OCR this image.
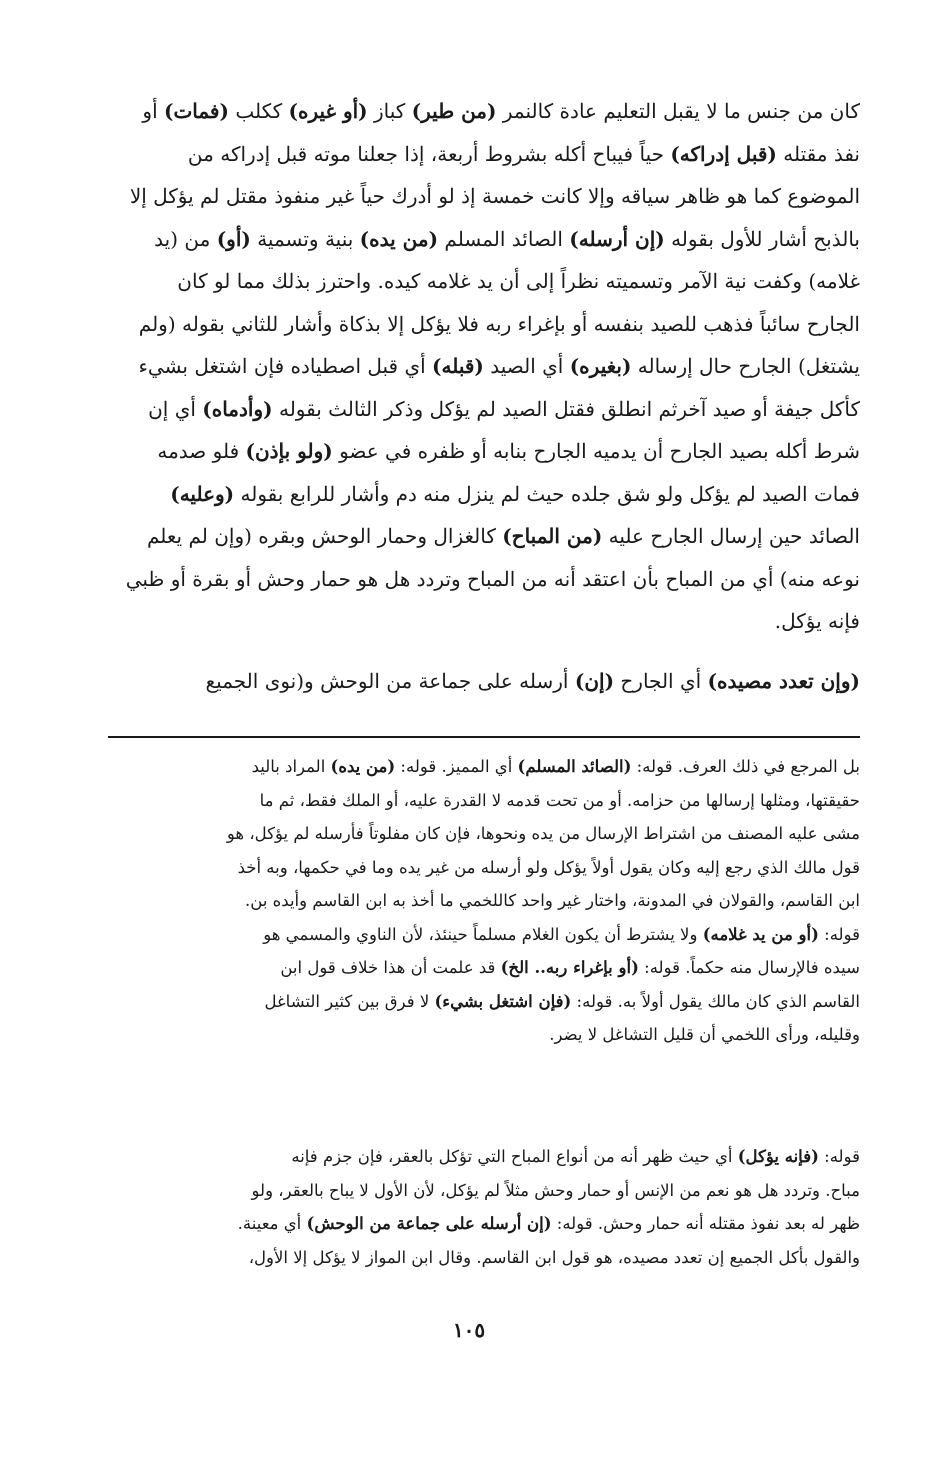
كان من جنس ما لا يقبل التعليم عادة كالنمر (من طير) كباز (أو غيره) ككلب (فمات) أو
نفذ مقتله (قبل إدراكه) حياً فيباح أكله بشروط أربعة، إذا جعلنا موته قبل إدراكه من
الموضوع كما هو ظاهر سياقه وإلا كانت خمسة إذ لو أدرك حياً غير منفوذ مقتل لم يؤكل إلا
بالذبح أشار للأول بقوله (إن أرسله) الصائد المسلم (من يده) بنية وتسمية (أو) من (يد
غلامه) وكفت نية الآمر وتسميته نظراً إلى أن يد غلامه كيده. واحترز بذلك مما لو كان
الجارح سائباً فذهب للصيد بنفسه أو بإغراء ربه فلا يؤكل إلا بذكاة وأشار للثاني بقوله (ولم
يشتغل) الجارح حال إرساله (بغيره) أي الصيد (قبله) أي قبل اصطياده فإن اشتغل بشيء
كأكل جيفة أو صيد آخرثم انطلق فقتل الصيد لم يؤكل وذكر الثالث بقوله (وأدماه) أي إن
شرط أكله بصيد الجارح أن يدميه الجارح بنابه أو ظفره في عضو (ولو بإذن) فلو صدمه
فمات الصيد لم يؤكل ولو شق جلده حيث لم ينزل منه دم وأشار للرابع بقوله (وعليه)
الصائد حين إرسال الجارح عليه (من المباح) كالغزال وحمار الوحش وبقره (وإن لم يعلم
نوعه منه) أي من المباح بأن اعتقد أنه من المباح وتردد هل هو حمار وحش أو بقرة أو ظبي
فإنه يؤكل.
(وإن تعدد مصيده) أي الجارح (إن) أرسله على جماعة من الوحش و(نوى الجميع
بل المرجع في ذلك العرف. قوله: (الصائد المسلم) أي المميز. قوله: (من يده) المراد باليد
حقيقتها، ومثلها إرسالها من حزامه. أو من تحت قدمه لا القدرة عليه، أو الملك فقط، ثم ما
مشى عليه المصنف من اشتراط الإرسال من يده ونحوها، فإن كان مفلوتاً فأرسله لم يؤكل، هو
قول مالك الذي رجع إليه وكان يقول أولاً يؤكل ولو أرسله من غير يده وما في حكمها، وبه أخذ
ابن القاسم، والقولان في المدونة، واختار غير واحد كاللخمي ما أخذ به ابن القاسم وأيده بن.
قوله: (أو من يد غلامه) ولا يشترط أن يكون الغلام مسلماً حينئذ، لأن الناوي والمسمي هو
سيده فالإرسال منه حكماً. قوله: (أو بإغراء ربه.. الخ) قد علمت أن هذا خلاف قول ابن
القاسم الذي كان مالك يقول أولاً به. قوله: (فإن اشتغل بشيء) لا فرق بين كثير التشاغل
وقليله، ورأى اللخمي أن قليل التشاغل لا يضر.
قوله: (فإنه يؤكل) أي حيث ظهر أنه من أنواع المباح التي تؤكل بالعقر، فإن جزم فإنه
مباح. وتردد هل هو نعم من الإنس أو حمار وحش مثلاً لم يؤكل، لأن الأول لا يباح بالعقر، ولو
ظهر له بعد نفوذ مقتله أنه حمار وحش. قوله: (إن أرسله على جماعة من الوحش) أي معينة.
والقول بأكل الجميع إن تعدد مصيده، هو قول ابن القاسم. وقال ابن المواز لا يؤكل إلا الأول،
١٠٥
